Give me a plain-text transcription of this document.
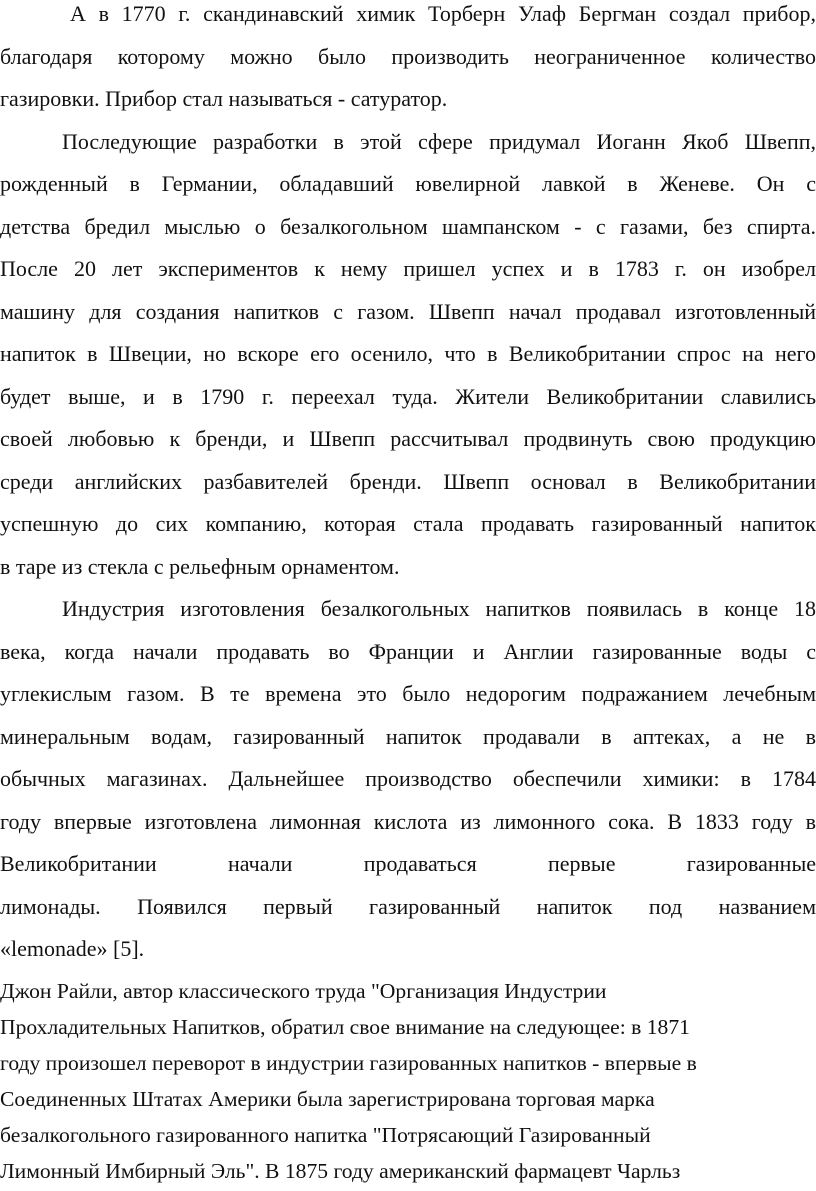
А в 1770 г. скандинавский химик Торберн Улаф Бергман создал прибор,
благодаря которому можно было производить неограниченное количество
газировки. Прибор стал называться - сатуратор.
Последующие разработки в этой сфере придумал Иоганн Якоб Швепп,
рожденный в Германии, обладавший ювелирной лавкой в Женеве. Он с
детства бредил мыслью о безалкогольном шампанском - с газами, без спирта.
После 20 лет экспериментов к нему пришел успех и в 1783 г. он изобрел
машину для создания напитков с газом. Швепп начал продавал изготовленный
напиток в Швеции, но вскоре его осенило, что в Великобритании спрос на него
будет выше, и в 1790 г. переехал туда. Жители Великобритании славились
своей любовью к бренди, и Швепп рассчитывал продвинуть свою продукцию
среди английских разбавителей бренди. Швепп основал в Великобритании
успешную до сих компанию, которая стала продавать газированный напиток
в таре из стекла с рельефным орнаментом.
Индустрия изготовления безалкогольных напитков появилась в конце 18
века, когда начали продавать во Франции и Англии газированные воды с
углекислым газом. В те времена это было недорогим подражанием лечебным
минеральным водам, газированный напиток продавали в аптеках, а не в
обычных магазинах. Дальнейшее производство обеспечили химики: в 1784
году впервые изготовлена лимонная кислота из лимонного сока. В 1833 году в
Великобритании начали продаваться первые газированные
лимонады. Появился первый газированный напиток под названием
«lemonade» [5].
Джон Райли, автор классического труда "Организация Индустрии
Прохладительных Напитков, обратил свое внимание на следующее: в 1871
году произошел переворот в индустрии газированных напитков - впервые в
Соединенных Штатах Америки была зарегистрирована торговая марка
безалкогольного газированного напитка "Потрясающий Газированный
Лимонный Имбирный Эль". В 1875 году американский фармацевт Чарльз
